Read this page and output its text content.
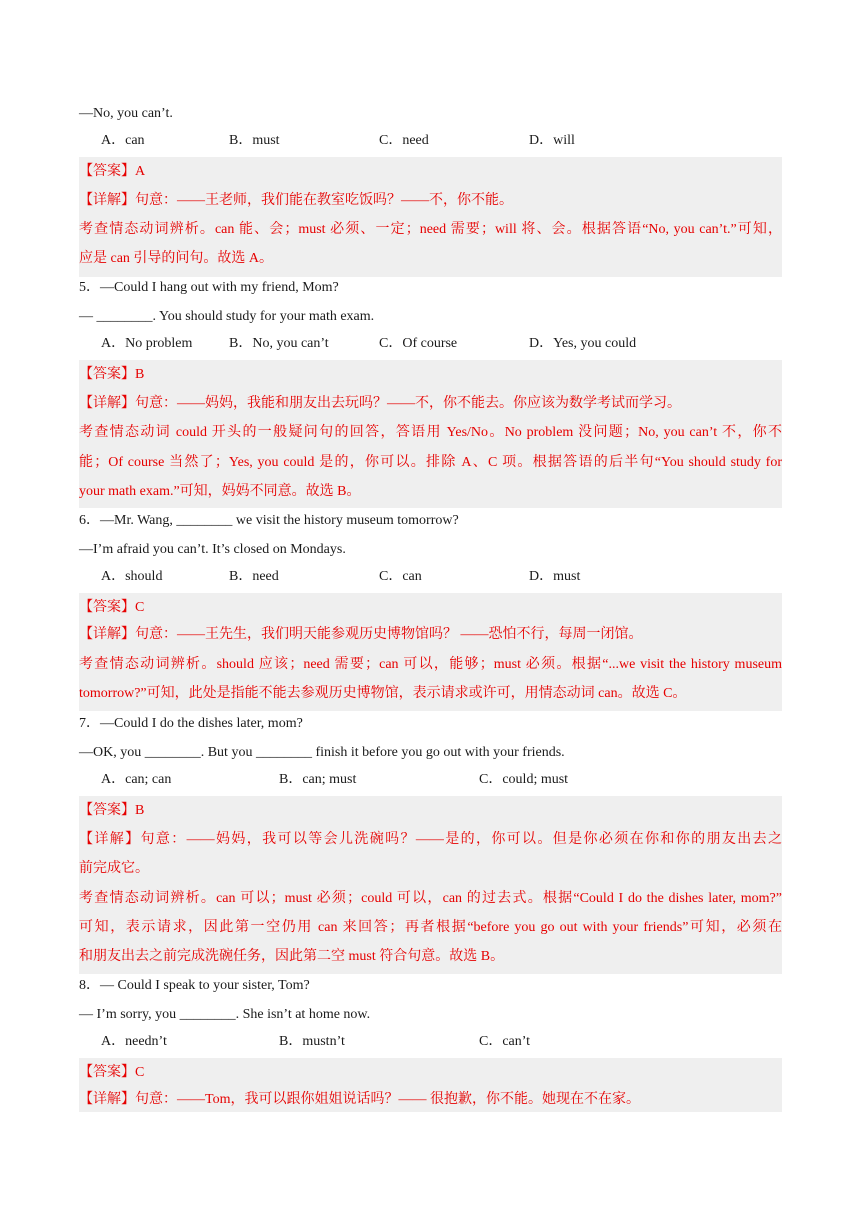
—No, you can’t.
A．can	B．must	C．need	D．will
【答案】A
【详解】句意：——王老师，我们能在教室吃饭吗？——不，你不能。
考查情态动词辨析。can 能、会；must 必须、一定；need 需要；will 将、会。根据答语“No, you can’t.”可知，
应是 can 引导的问句。故选 A。
5．—Could I hang out with my friend, Mom?
— ________. You should study for your math exam.
A．No problem	B．No, you can’t	C．Of course	D．Yes, you could
【答案】B
【详解】句意：——妈妈，我能和朋友出去玩吗？——不，你不能去。你应该为数学考试而学习。
考查情态动词 could 开头的一般疑问句的回答，答语用 Yes/No。No problem 没问题；No, you can’t 不，你不
能；Of course 当然了；Yes, you could 是的，你可以。排除 A、C 项。根据答语的后半句“You should study for
your math exam.”可知，妈妈不同意。故选 B。
6．—Mr. Wang, ________ we visit the history museum tomorrow?
—I’m afraid you can’t. It’s closed on Mondays.
A．should	B．need	C．can	D．must
【答案】C
【详解】句意：——王先生，我们明天能参观历史博物馆吗？ ——恐怕不行，每周一闭馆。
考查情态动词辨析。should 应该；need 需要；can 可以，能够；must 必须。根据“...we visit the history museum
tomorrow?”可知，此处是指能不能去参观历史博物馆，表示请求或许可，用情态动词 can。故选 C。
7．—Could I do the dishes later, mom?
—OK, you ________. But you ________ finish it before you go out with your friends.
A．can; can	B．can; must	C．could; must
【答案】B
【详解】句意：——妈妈，我可以等会儿洗碗吗？——是的，你可以。但是你必须在你和你的朋友出去之
前完成它。
考查情态动词辨析。can 可以；must 必须；could 可以，can 的过去式。根据“Could I do the dishes later, mom?”
可知，表示请求，因此第一空仍用 can 来回答；再者根据“before you go out with your friends”可知，必须在
和朋友出去之前完成洗碗任务，因此第二空 must 符合句意。故选 B。
8．— Could I speak to your sister, Tom?
— I’m sorry, you ________. She isn’t at home now.
A．needn’t	B．mustn’t	C．can’t
【答案】C
【详解】句意：——Tom，我可以跟你姐姐说话吗？—— 很抱歉，你不能。她现在不在家。
